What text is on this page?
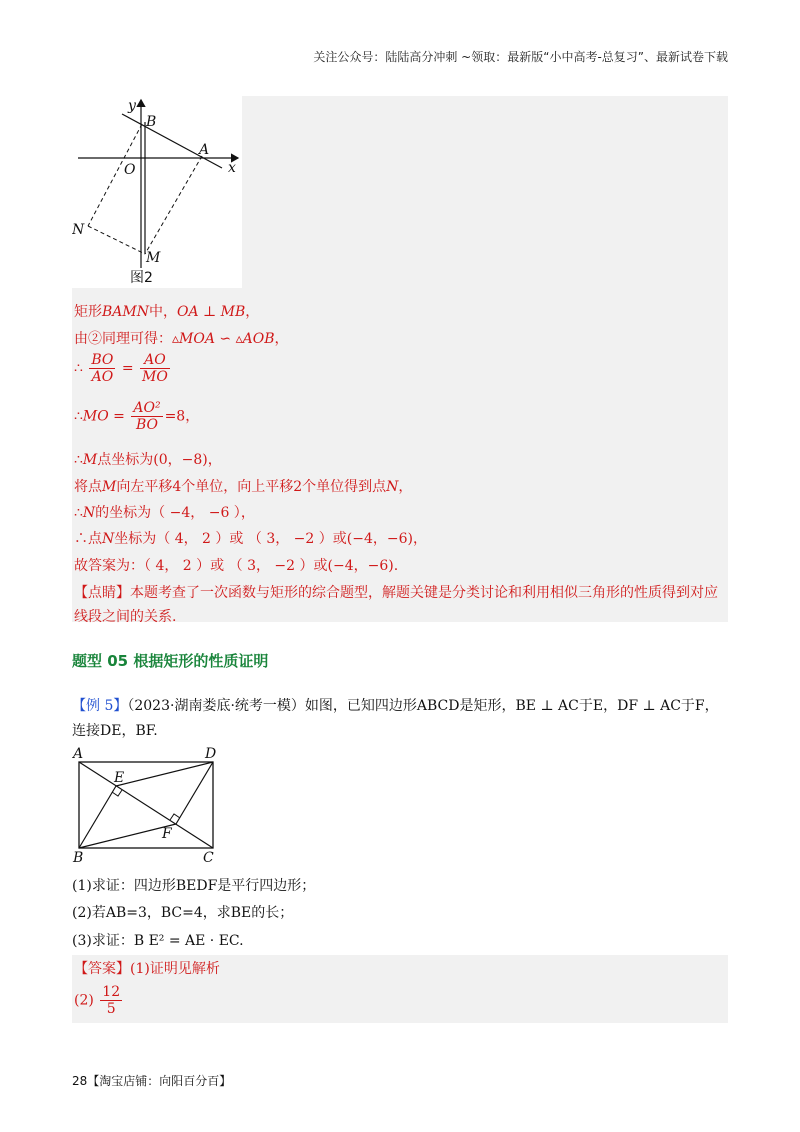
关注公众号：陆陆高分冲刺 ~领取：最新版“小中高考-总复习”、最新试卷下载
y
B
A
x
O
N
M
图2
矩形BAMN中，OA ⊥ MB，
由②同理可得：▵MOA ∽ ▵AOB，
∴ $\frac{BO}{AO} = \frac{AO}{MO}$
∴MO = $\frac{\text{AO²}}{BO} =8$，
∴M点坐标为(0，−8)，
将点M向左平移4个单位，向上平移2个单位得到点N，
∴N的坐标为（ −4， −6 ），
∴点N坐标为（ 4， 2 ）或 （ 3， −2 ）或(−4，−6)，
故答案为：（ 4， 2 ）或 （ 3， −2 ）或(−4，−6).
【点睛】本题考查了一次函数与矩形的综合题型，解题关键是分类讨论和利用相似三角形的性质得到对应
线段之间的关系.
题型 05 根据矩形的性质证明
【例 5】（2023·湖南娄底·统考一模）如图，已知四边形ABCD是矩形，BE ⊥ AC于E，DF ⊥ AC于F，
连接DE，BF.
A	D
E
F
B	C
(1)求证：四边形BEDF是平行四边形；
(2)若AB=3，BC=4，求BE的长；
(3)求证：B E² = AE · EC.
【答案】(1)证明见解析
$(2) \frac{12}{5}$
28【淘宝店铺：向阳百分百】
